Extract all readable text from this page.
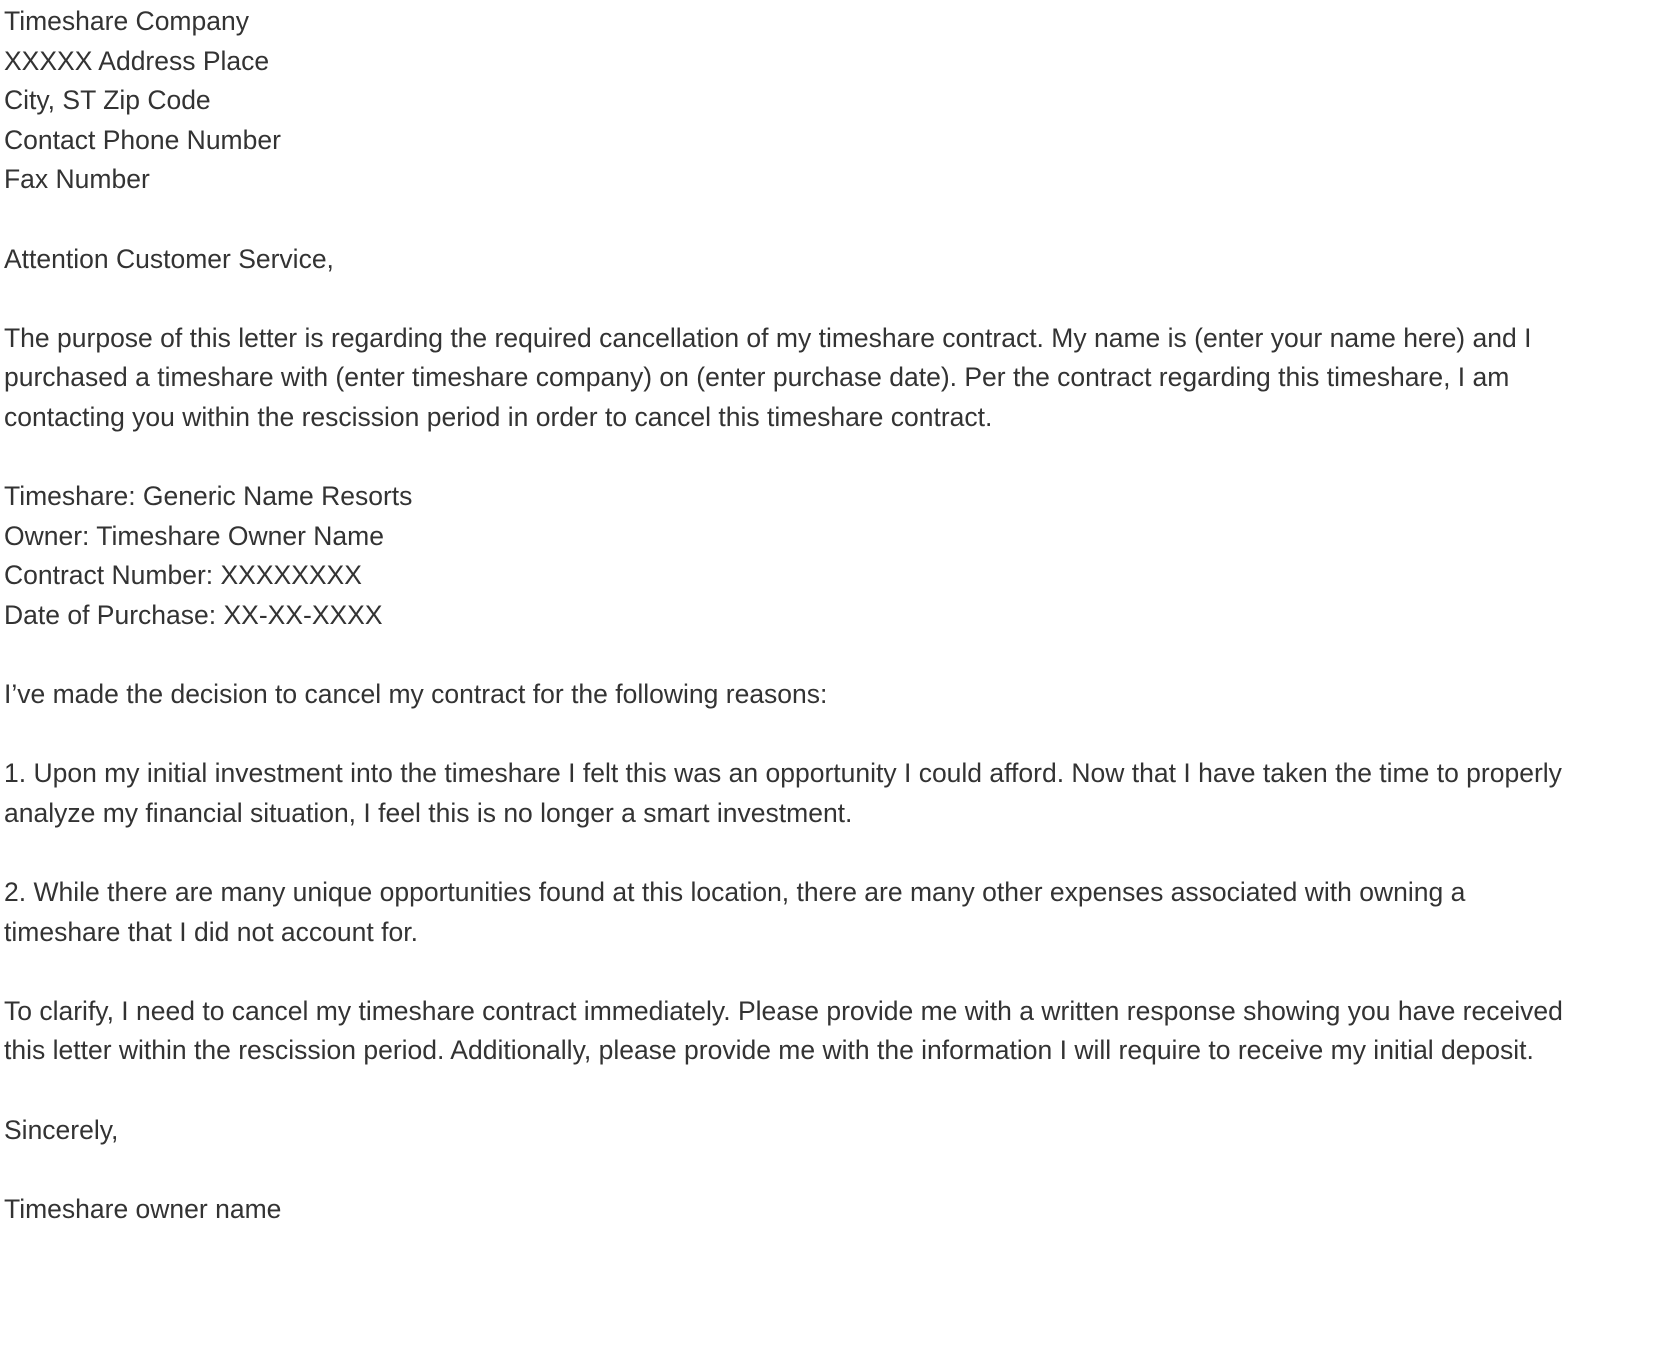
Timeshare Company
XXXXX Address Place
City, ST Zip Code
Contact Phone Number
Fax Number
Attention Customer Service,
The purpose of this letter is regarding the required cancellation of my timeshare contract. My name is (enter your name here) and I purchased a timeshare with (enter timeshare company) on (enter purchase date). Per the contract regarding this timeshare, I am contacting you within the rescission period in order to cancel this timeshare contract.
Timeshare: Generic Name Resorts
Owner: Timeshare Owner Name
Contract Number: XXXXXXXX
Date of Purchase: XX-XX-XXXX
I’ve made the decision to cancel my contract for the following reasons:
1. Upon my initial investment into the timeshare I felt this was an opportunity I could afford. Now that I have taken the time to properly analyze my financial situation, I feel this is no longer a smart investment.
2. While there are many unique opportunities found at this location, there are many other expenses associated with owning a timeshare that I did not account for.
To clarify, I need to cancel my timeshare contract immediately. Please provide me with a written response showing you have received this letter within the rescission period. Additionally, please provide me with the information I will require to receive my initial deposit.
Sincerely,
Timeshare owner name
